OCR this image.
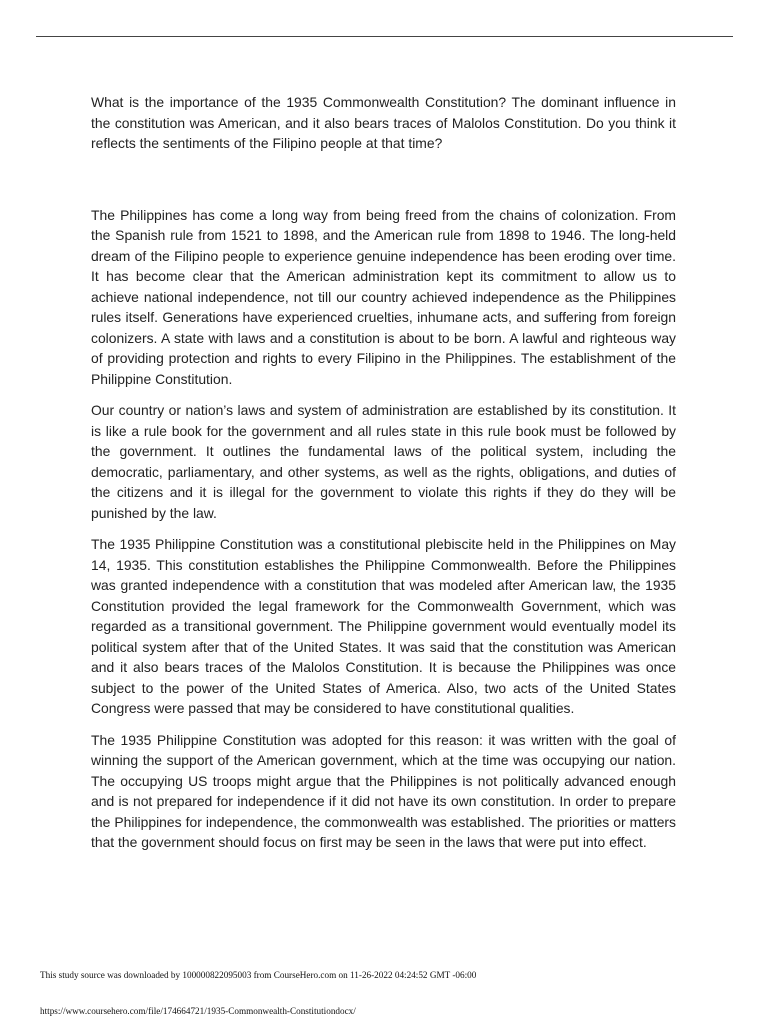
What is the importance of the 1935 Commonwealth Constitution? The dominant influence in the constitution was American, and it also bears traces of Malolos Constitution. Do you think it reflects the sentiments of the Filipino people at that time?

The Philippines has come a long way from being freed from the chains of colonization. From the Spanish rule from 1521 to 1898, and the American rule from 1898 to 1946. The long-held dream of the Filipino people to experience genuine independence has been eroding over time. It has become clear that the American administration kept its commitment to allow us to achieve national independence, not till our country achieved independence as the Philippines rules itself. Generations have experienced cruelties, inhumane acts, and suffering from foreign colonizers. A state with laws and a constitution is about to be born. A lawful and righteous way of providing protection and rights to every Filipino in the Philippines. The establishment of the Philippine Constitution.

Our country or nation’s laws and system of administration are established by its constitution. It is like a rule book for the government and all rules state in this rule book must be followed by the government. It outlines the fundamental laws of the political system, including the democratic, parliamentary, and other systems, as well as the rights, obligations, and duties of the citizens and it is illegal for the government to violate this rights if they do they will be punished by the law.

The 1935 Philippine Constitution was a constitutional plebiscite held in the Philippines on May 14, 1935. This constitution establishes the Philippine Commonwealth. Before the Philippines was granted independence with a constitution that was modeled after American law, the 1935 Constitution provided the legal framework for the Commonwealth Government, which was regarded as a transitional government. The Philippine government would eventually model its political system after that of the United States. It was said that the constitution was American and it also bears traces of the Malolos Constitution. It is because the Philippines was once subject to the power of the United States of America. Also, two acts of the United States Congress were passed that may be considered to have constitutional qualities.

The 1935 Philippine Constitution was adopted for this reason: it was written with the goal of winning the support of the American government, which at the time was occupying our nation. The occupying US troops might argue that the Philippines is not politically advanced enough and is not prepared for independence if it did not have its own constitution. In order to prepare the Philippines for independence, the commonwealth was established. The priorities or matters that the government should focus on first may be seen in the laws that were put into effect.

This study source was downloaded by 100000822095003 from CourseHero.com on 11-26-2022 04:24:52 GMT -06:00
https://www.coursehero.com/file/174664721/1935-Commonwealth-Constitutiondocx/
